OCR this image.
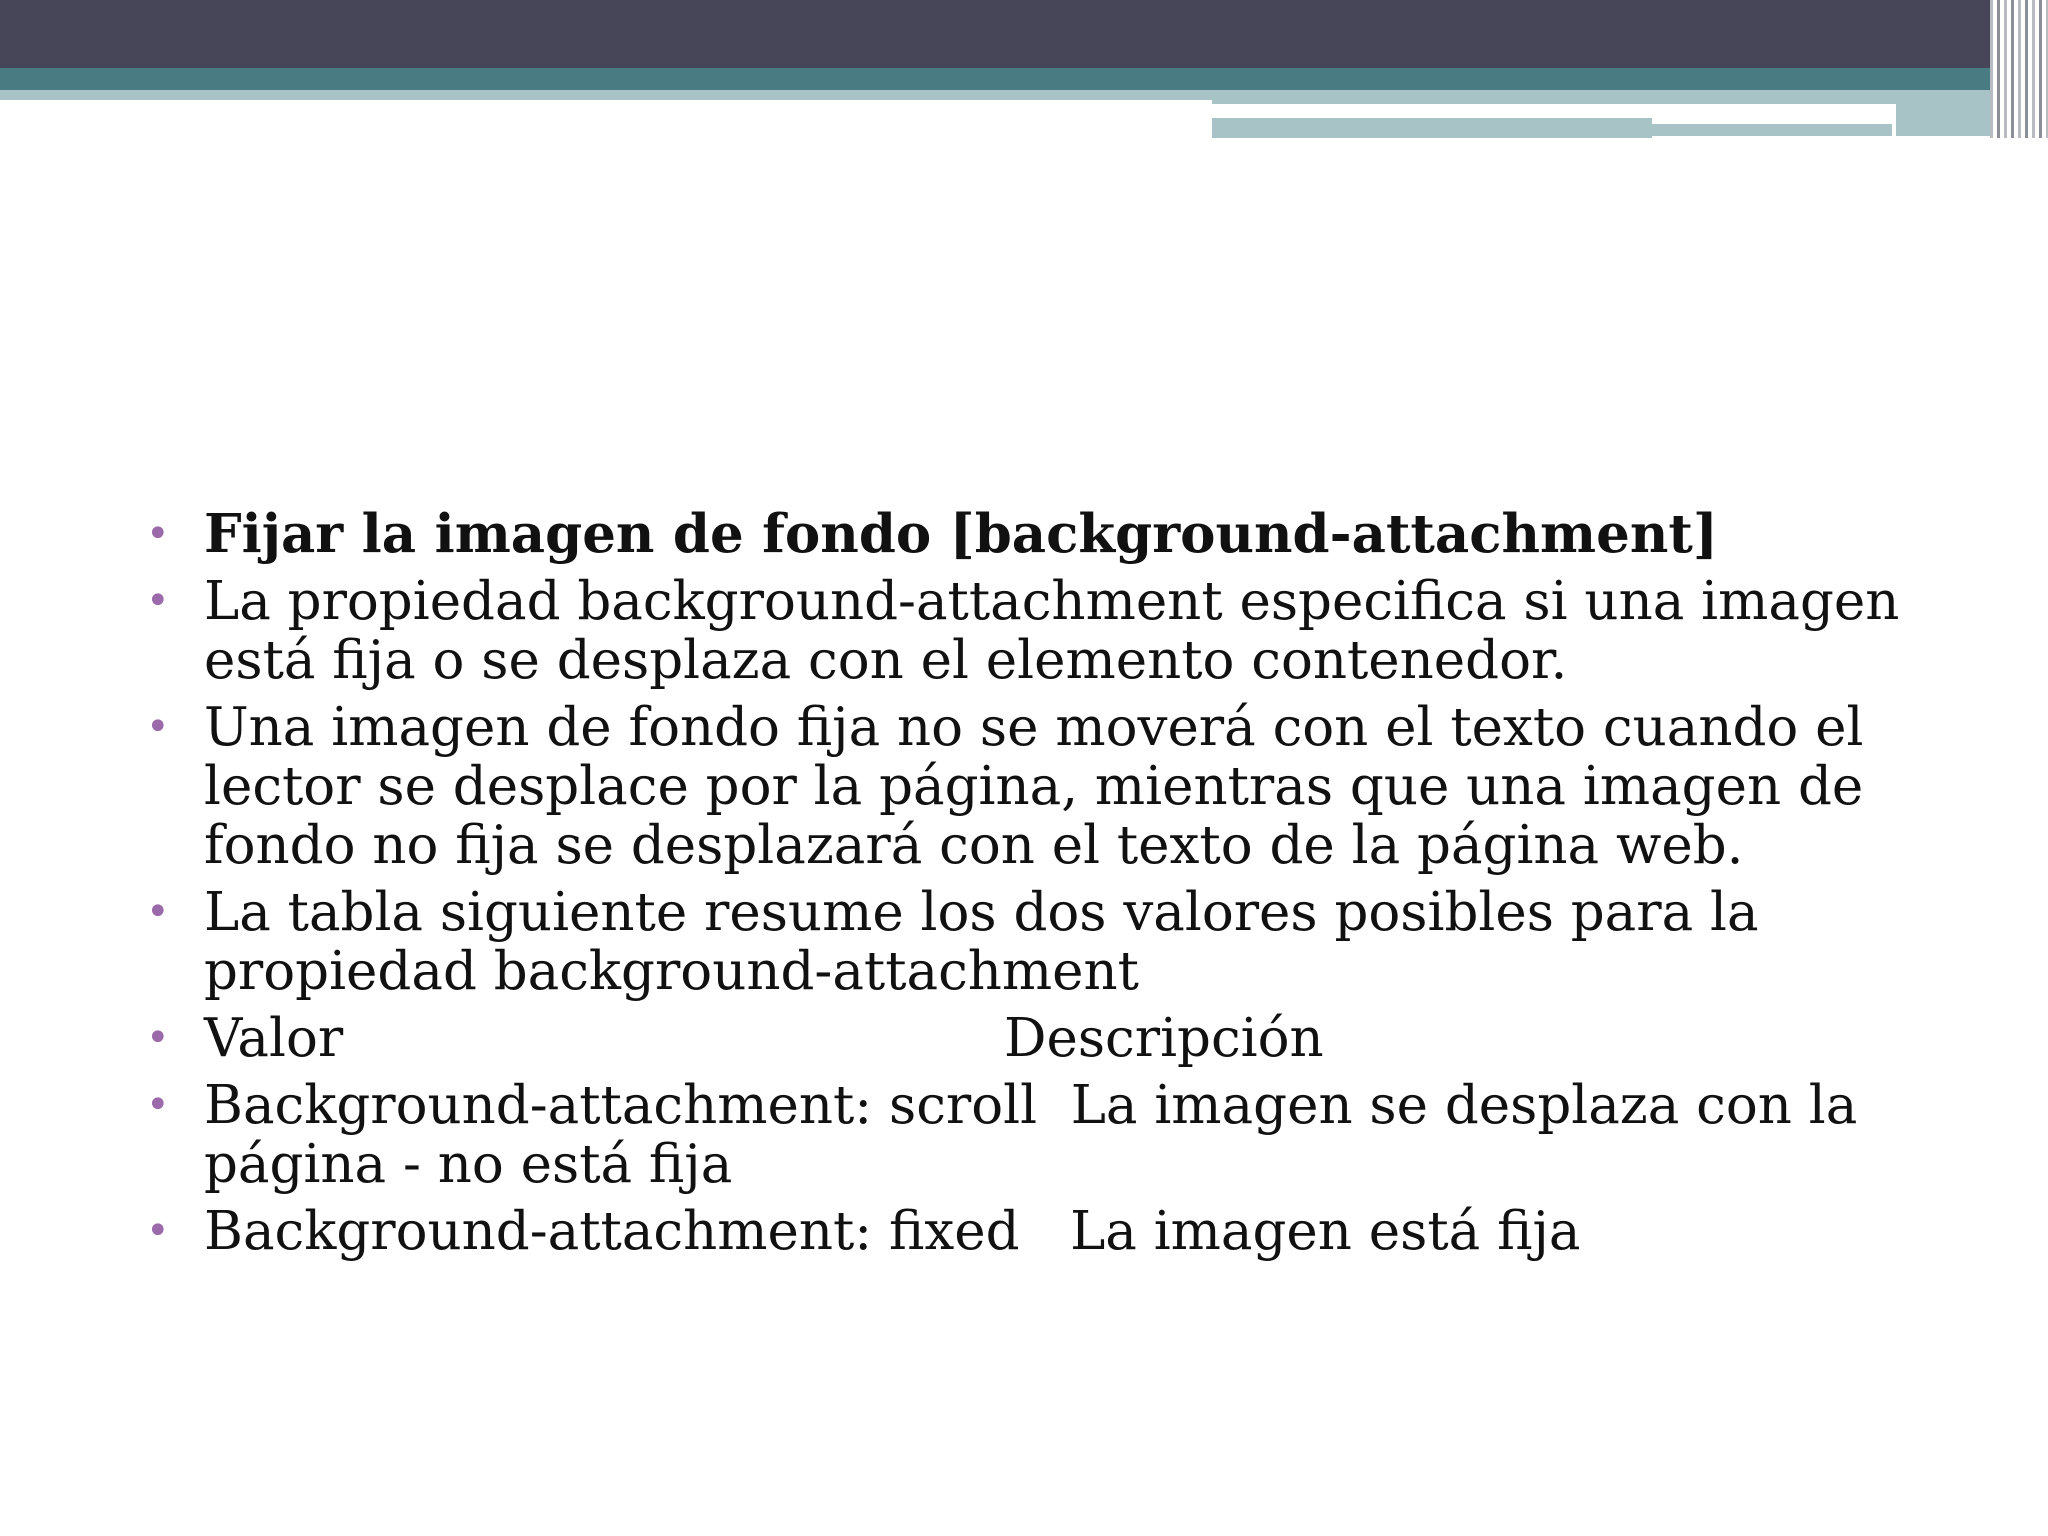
• Fijar la imagen de fondo [background-attachment]
• La propiedad background-attachment especifica si una imagen está fija o se desplaza con el elemento contenedor.
• Una imagen de fondo fija no se moverá con el texto cuando el lector se desplace por la página, mientras que una imagen de fondo no fija se desplazará con el texto de la página web.
• La tabla siguiente resume los dos valores posibles para la propiedad background-attachment
• Valor	Descripción
• Background-attachment: scroll  La imagen se desplaza con la página - no está fija
• Background-attachment: fixed   La imagen está fija
